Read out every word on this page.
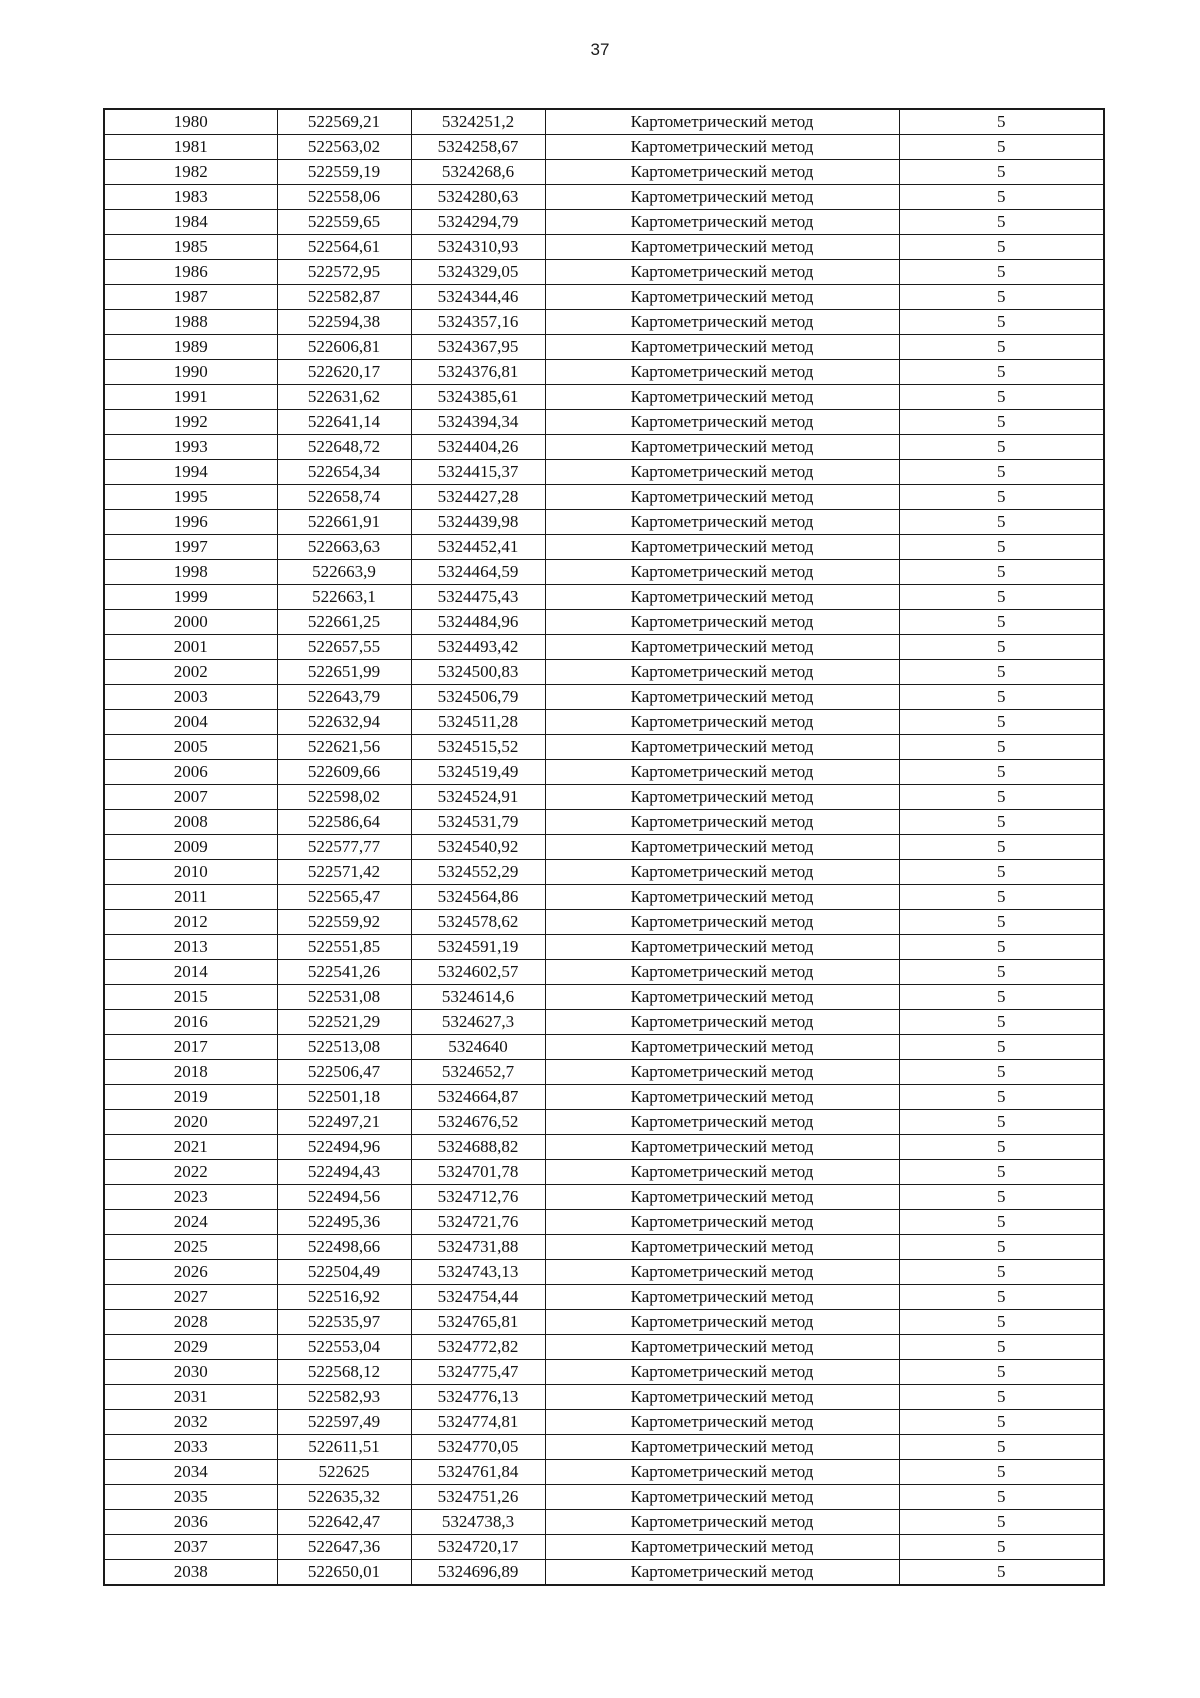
37
1980	522569,21	5324251,2	Картометрический метод	5
1981	522563,02	5324258,67	Картометрический метод	5
1982	522559,19	5324268,6	Картометрический метод	5
1983	522558,06	5324280,63	Картометрический метод	5
1984	522559,65	5324294,79	Картометрический метод	5
1985	522564,61	5324310,93	Картометрический метод	5
1986	522572,95	5324329,05	Картометрический метод	5
1987	522582,87	5324344,46	Картометрический метод	5
1988	522594,38	5324357,16	Картометрический метод	5
1989	522606,81	5324367,95	Картометрический метод	5
1990	522620,17	5324376,81	Картометрический метод	5
1991	522631,62	5324385,61	Картометрический метод	5
1992	522641,14	5324394,34	Картометрический метод	5
1993	522648,72	5324404,26	Картометрический метод	5
1994	522654,34	5324415,37	Картометрический метод	5
1995	522658,74	5324427,28	Картометрический метод	5
1996	522661,91	5324439,98	Картометрический метод	5
1997	522663,63	5324452,41	Картометрический метод	5
1998	522663,9	5324464,59	Картометрический метод	5
1999	522663,1	5324475,43	Картометрический метод	5
2000	522661,25	5324484,96	Картометрический метод	5
2001	522657,55	5324493,42	Картометрический метод	5
2002	522651,99	5324500,83	Картометрический метод	5
2003	522643,79	5324506,79	Картометрический метод	5
2004	522632,94	5324511,28	Картометрический метод	5
2005	522621,56	5324515,52	Картометрический метод	5
2006	522609,66	5324519,49	Картометрический метод	5
2007	522598,02	5324524,91	Картометрический метод	5
2008	522586,64	5324531,79	Картометрический метод	5
2009	522577,77	5324540,92	Картометрический метод	5
2010	522571,42	5324552,29	Картометрический метод	5
2011	522565,47	5324564,86	Картометрический метод	5
2012	522559,92	5324578,62	Картометрический метод	5
2013	522551,85	5324591,19	Картометрический метод	5
2014	522541,26	5324602,57	Картометрический метод	5
2015	522531,08	5324614,6	Картометрический метод	5
2016	522521,29	5324627,3	Картометрический метод	5
2017	522513,08	5324640	Картометрический метод	5
2018	522506,47	5324652,7	Картометрический метод	5
2019	522501,18	5324664,87	Картометрический метод	5
2020	522497,21	5324676,52	Картометрический метод	5
2021	522494,96	5324688,82	Картометрический метод	5
2022	522494,43	5324701,78	Картометрический метод	5
2023	522494,56	5324712,76	Картометрический метод	5
2024	522495,36	5324721,76	Картометрический метод	5
2025	522498,66	5324731,88	Картометрический метод	5
2026	522504,49	5324743,13	Картометрический метод	5
2027	522516,92	5324754,44	Картометрический метод	5
2028	522535,97	5324765,81	Картометрический метод	5
2029	522553,04	5324772,82	Картометрический метод	5
2030	522568,12	5324775,47	Картометрический метод	5
2031	522582,93	5324776,13	Картометрический метод	5
2032	522597,49	5324774,81	Картометрический метод	5
2033	522611,51	5324770,05	Картометрический метод	5
2034	522625	5324761,84	Картометрический метод	5
2035	522635,32	5324751,26	Картометрический метод	5
2036	522642,47	5324738,3	Картометрический метод	5
2037	522647,36	5324720,17	Картометрический метод	5
2038	522650,01	5324696,89	Картометрический метод	5
